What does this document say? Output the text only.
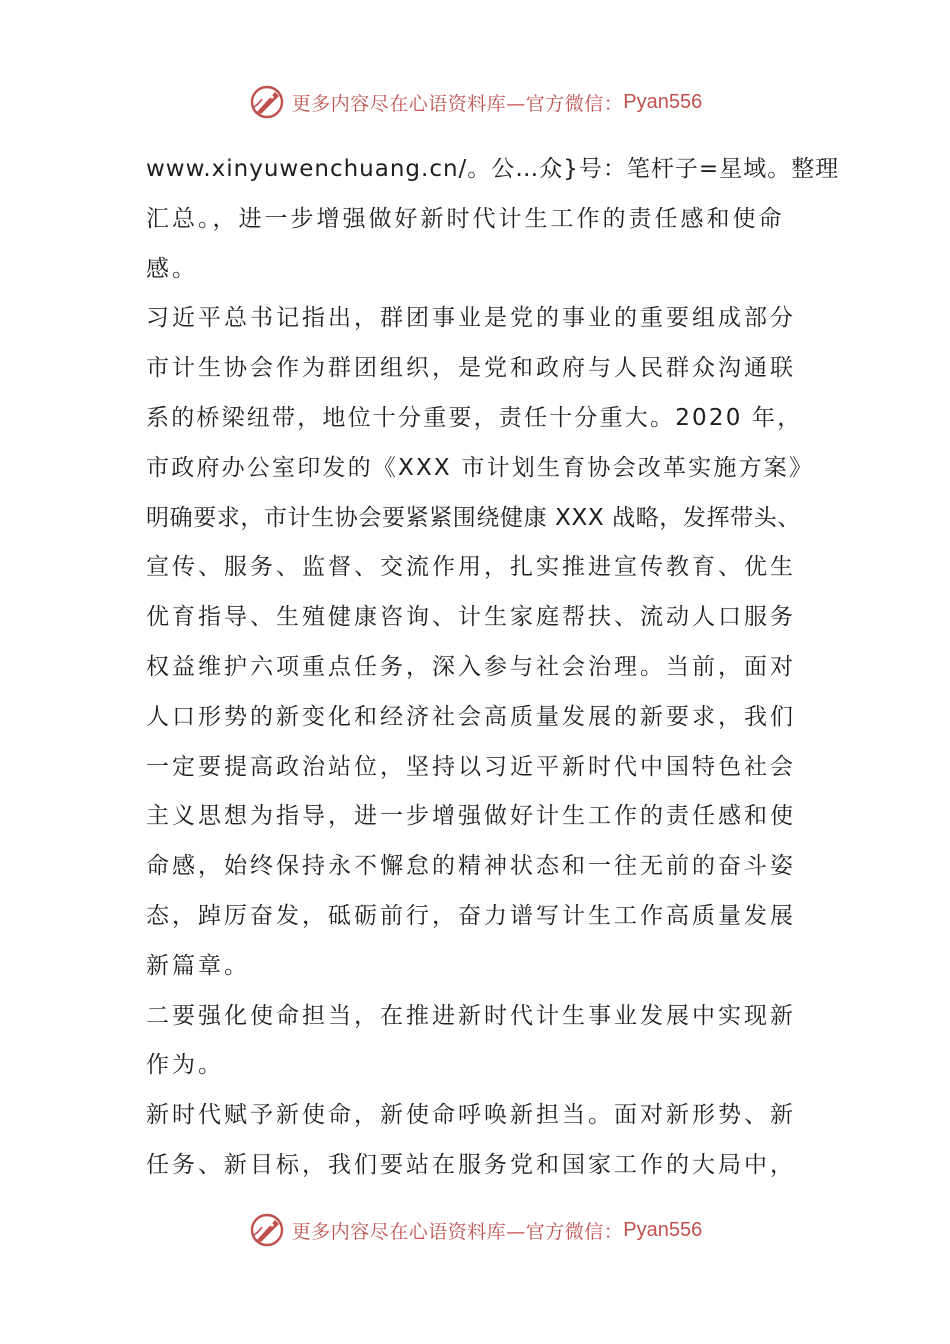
更多内容尽在心语资料库—官方微信： Pyan556
www.xinyuwenchuang.cn/。公…众}号：笔杆子=星域。整理
汇总。，进一步增强做好新时代计生工作的责任感和使命
感。
习近平总书记指出，群团事业是党的事业的重要组成部分
市计生协会作为群团组织，是党和政府与人民群众沟通联
系的桥梁纽带，地位十分重要，责任十分重大。2020 年，
市政府办公室印发的《XXX 市计划生育协会改革实施方案》
明确要求，市计生协会要紧紧围绕健康 XXX 战略，发挥带头、
宣传、服务、监督、交流作用，扎实推进宣传教育、优生
优育指导、生殖健康咨询、计生家庭帮扶、流动人口服务
权益维护六项重点任务，深入参与社会治理。当前，面对
人口形势的新变化和经济社会高质量发展的新要求，我们
一定要提高政治站位，坚持以习近平新时代中国特色社会
主义思想为指导，进一步增强做好计生工作的责任感和使
命感，始终保持永不懈怠的精神状态和一往无前的奋斗姿
态，踔厉奋发，砥砺前行，奋力谱写计生工作高质量发展
新篇章。
二要强化使命担当，在推进新时代计生事业发展中实现新
作为。
新时代赋予新使命，新使命呼唤新担当。面对新形势、新
任务、新目标，我们要站在服务党和国家工作的大局中，
更多内容尽在心语资料库—官方微信： Pyan556
